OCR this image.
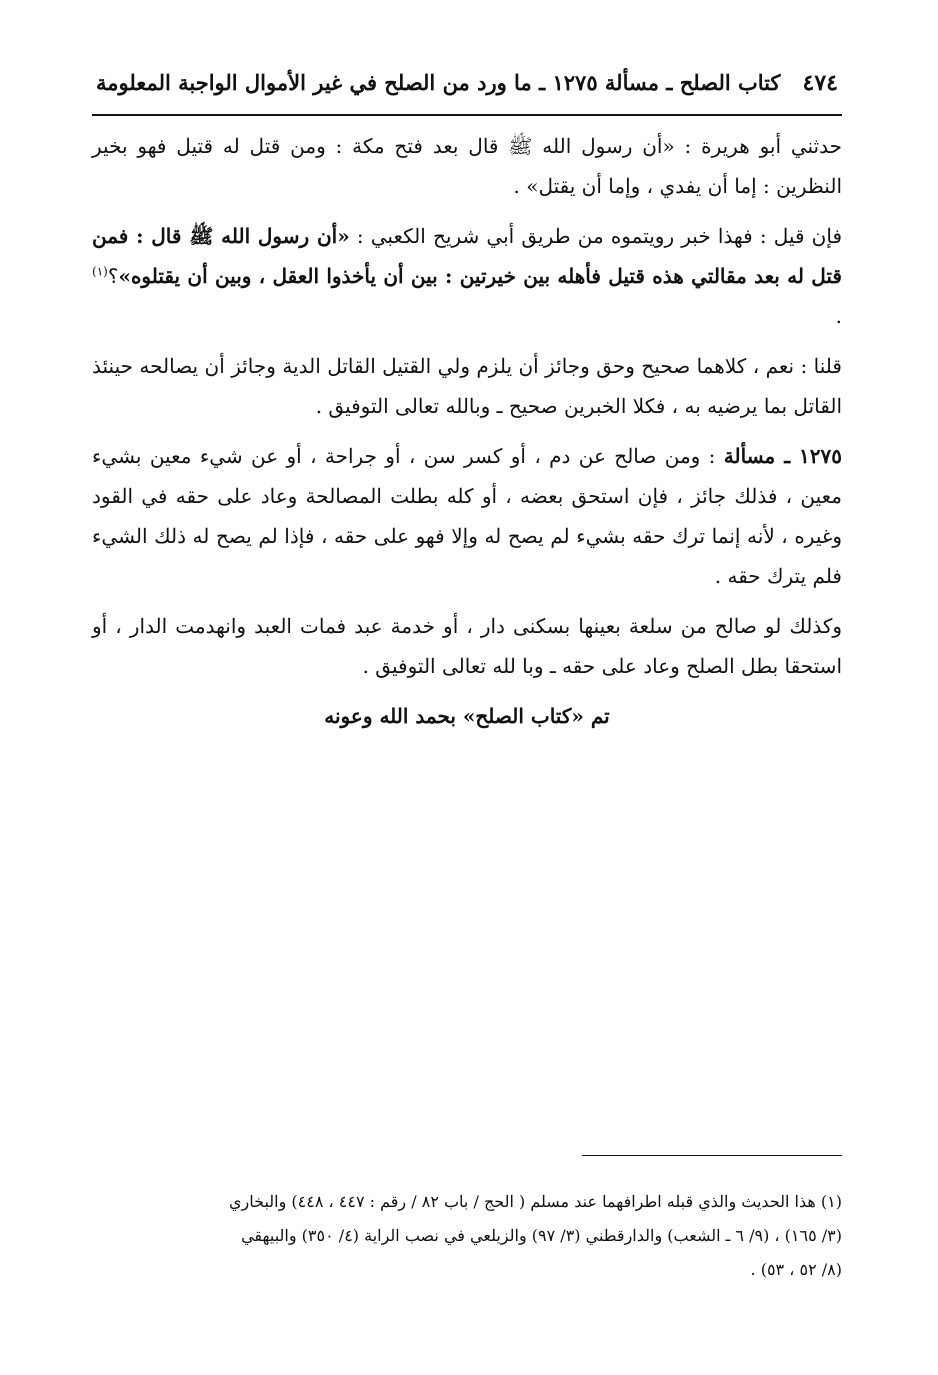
٤٧٤
كتاب الصلح ـ مسألة ١٢٧٥ ـ ما ورد من الصلح في غير الأموال الواجبة المعلومة

حدثني أبو هريرة : «أن رسول الله ﷺ قال بعد فتح مكة : ومن قتل له قتيل فهو بخير النظرين : إما أن يفدي ، وإما أن يقتل» .

فإن قيل : فهذا خبر رويتموه من طريق أبي شريح الكعبي : «أن رسول الله ﷺ قال : فمن قتل له بعد مقالتي هذه قتيل فأهله بين خيرتين : بين أن يأخذوا العقل ، وبين أن يقتلوه»؟$^{(١)}$ .

قلنا : نعم ، كلاهما صحيح وحق وجائز أن يلزم ولي القتيل القاتل الدية وجائز أن يصالحه حينئذ القاتل بما يرضيه به ، فكلا الخبرين صحيح ـ وبالله تعالى التوفيق .

١٢٧٥ ـ مسألة : ومن صالح عن دم ، أو كسر سن ، أو جراحة ، أو عن شيء معين بشيء معين ، فذلك جائز ، فإن استحق بعضه ، أو كله بطلت المصالحة وعاد على حقه في القود وغيره ، لأنه إنما ترك حقه بشيء لم يصح له وإلا فهو على حقه ، فإذا لم يصح له ذلك الشيء فلم يترك حقه .

وكذلك لو صالح من سلعة بعينها بسكنى دار ، أو خدمة عبد فمات العبد وانهدمت الدار ، أو استحقا بطل الصلح وعاد على حقه ـ وبا لله تعالى التوفيق .

تم «كتاب الصلح» بحمد الله وعونه

(١) هذا الحديث والذي قبله اطرافهما عند مسلم ( الحج / باب ٨٢ / رقم : ٤٤٧ ، ٤٤٨) والبخاري

(٣/ ١٦٥) ، (٩/ ٦ ـ الشعب) والدارقطني (٣/ ٩٧) والزيلعي في نصب الراية (٤/ ٣٥٠) والبيهقي

(٨/ ٥٢ ، ٥٣) .
